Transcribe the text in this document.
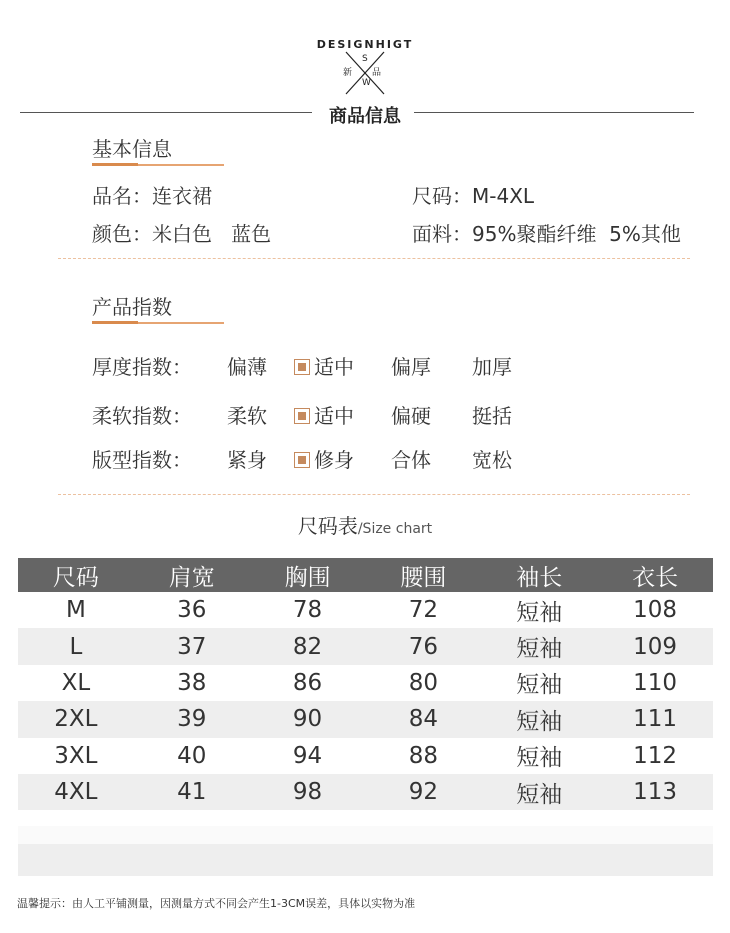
DESIGNHIGT
S
W
新 品
商品信息
基本信息
品名：连衣裙	尺码：M-4XL
颜色：米白色   蓝色	面料：95%聚酯纤维  5%其他
产品指数
厚度指数： 偏薄	适中 偏厚 加厚
柔软指数： 柔软	适中 偏硬 挺括
版型指数： 紧身	修身 合体 宽松
尺码表/Size chart
尺码	肩宽	胸围	腰围	袖长	衣长
M	36	78	72	短袖	108
L	37	82	76	短袖	109
XL	38	86	80	短袖	110
2XL	39	90	84	短袖	111
3XL	40	94	88	短袖	112
4XL	41	98	92	短袖	113
温馨提示：由人工平铺测量，因测量方式不同会产生1-3CM误差，具体以实物为准
